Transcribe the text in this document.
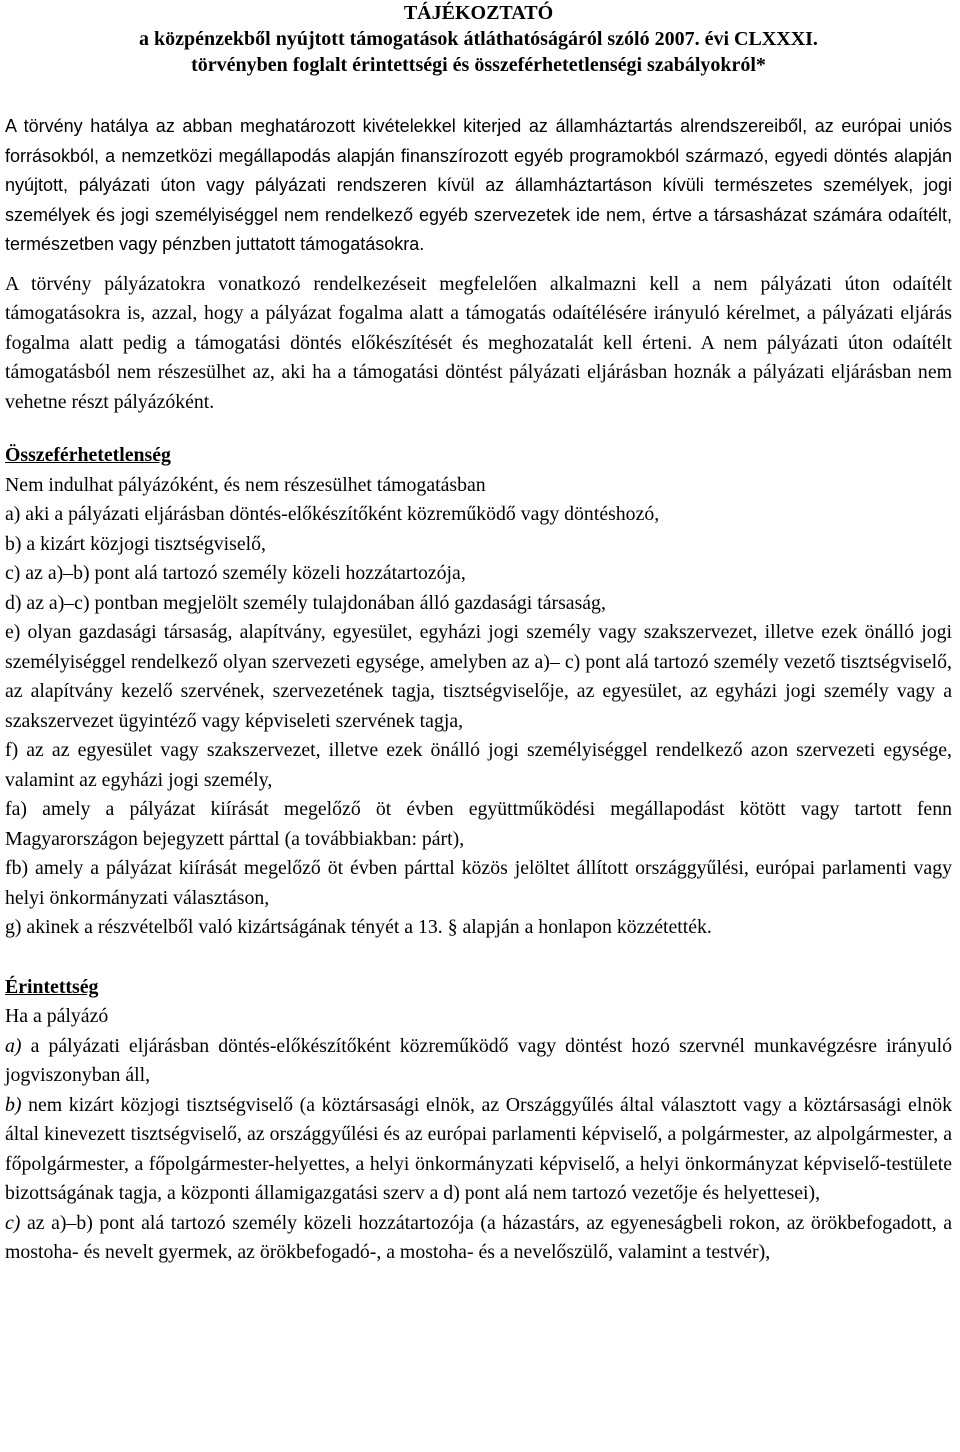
TÁJÉKOZTATÓ
a közpénzekből nyújtott támogatások átláthatóságáról szóló 2007. évi CLXXXI.
törvényben foglalt érintettségi és összeférhetetlenségi szabályokról*

A törvény hatálya az abban meghatározott kivételekkel kiterjed az államháztartás alrendszereiből, az európai uniós forrásokból, a nemzetközi megállapodás alapján finanszírozott egyéb programokból származó, egyedi döntés alapján nyújtott, pályázati úton vagy pályázati rendszeren kívül az államháztartáson kívüli természetes személyek, jogi személyek és jogi személyiséggel nem rendelkező egyéb szervezetek ide nem, értve a társasházat számára odaítélt, természetben vagy pénzben juttatott támogatásokra.

A törvény pályázatokra vonatkozó rendelkezéseit megfelelően alkalmazni kell a nem pályázati úton odaítélt támogatásokra is, azzal, hogy a pályázat fogalma alatt a támogatás odaítélésére irányuló kérelmet, a pályázati eljárás fogalma alatt pedig a támogatási döntés előkészítését és meghozatalát kell érteni. A nem pályázati úton odaítélt támogatásból nem részesülhet az, aki ha a támogatási döntést pályázati eljárásban hoznák a pályázati eljárásban nem vehetne részt pályázóként.

Összeférhetetlenség

Nem indulhat pályázóként, és nem részesülhet támogatásban

a) aki a pályázati eljárásban döntés-előkészítőként közreműködő vagy döntéshozó,

b) a kizárt közjogi tisztségviselő,

c) az a)–b) pont alá tartozó személy közeli hozzátartozója,

d) az a)–c) pontban megjelölt személy tulajdonában álló gazdasági társaság,

e) olyan gazdasági társaság, alapítvány, egyesület, egyházi jogi személy vagy szakszervezet, illetve ezek önálló jogi személyiséggel rendelkező olyan szervezeti egysége, amelyben az a)– c) pont alá tartozó személy vezető tisztségviselő, az alapítvány kezelő szervének, szervezetének tagja, tisztségviselője, az egyesület, az egyházi jogi személy vagy a szakszervezet ügyintéző vagy képviseleti szervének tagja,

f) az az egyesület vagy szakszervezet, illetve ezek önálló jogi személyiséggel rendelkező azon szervezeti egysége, valamint az egyházi jogi személy,

fa) amely a pályázat kiírását megelőző öt évben együttműködési megállapodást kötött vagy tartott fenn Magyarországon bejegyzett párttal (a továbbiakban: párt),

fb) amely a pályázat kiírását megelőző öt évben párttal közös jelöltet állított országgyűlési, európai parlamenti vagy helyi önkormányzati választáson,

g) akinek a részvételből való kizártságának tényét a 13. § alapján a honlapon közzétették.

Érintettség

Ha a pályázó

a) a pályázati eljárásban döntés-előkészítőként közreműködő vagy döntést hozó szervnél munkavégzésre irányuló jogviszonyban áll,

b) nem kizárt közjogi tisztségviselő (a köztársasági elnök, az Országgyűlés által választott vagy a köztársasági elnök által kinevezett tisztségviselő, az országgyűlési és az európai parlamenti képviselő, a polgármester, az alpolgármester, a főpolgármester, a főpolgármester-helyettes, a helyi önkormányzati képviselő, a helyi önkormányzat képviselő-testülete bizottságának tagja, a központi államigazgatási szerv a d) pont alá nem tartozó vezetője és helyettesei),

c) az a)–b) pont alá tartozó személy közeli hozzátartozója (a házastárs, az egyeneságbeli rokon, az örökbefogadott, a mostoha- és nevelt gyermek, az örökbefogadó-, a mostoha- és a nevelőszülő, valamint a testvér),
